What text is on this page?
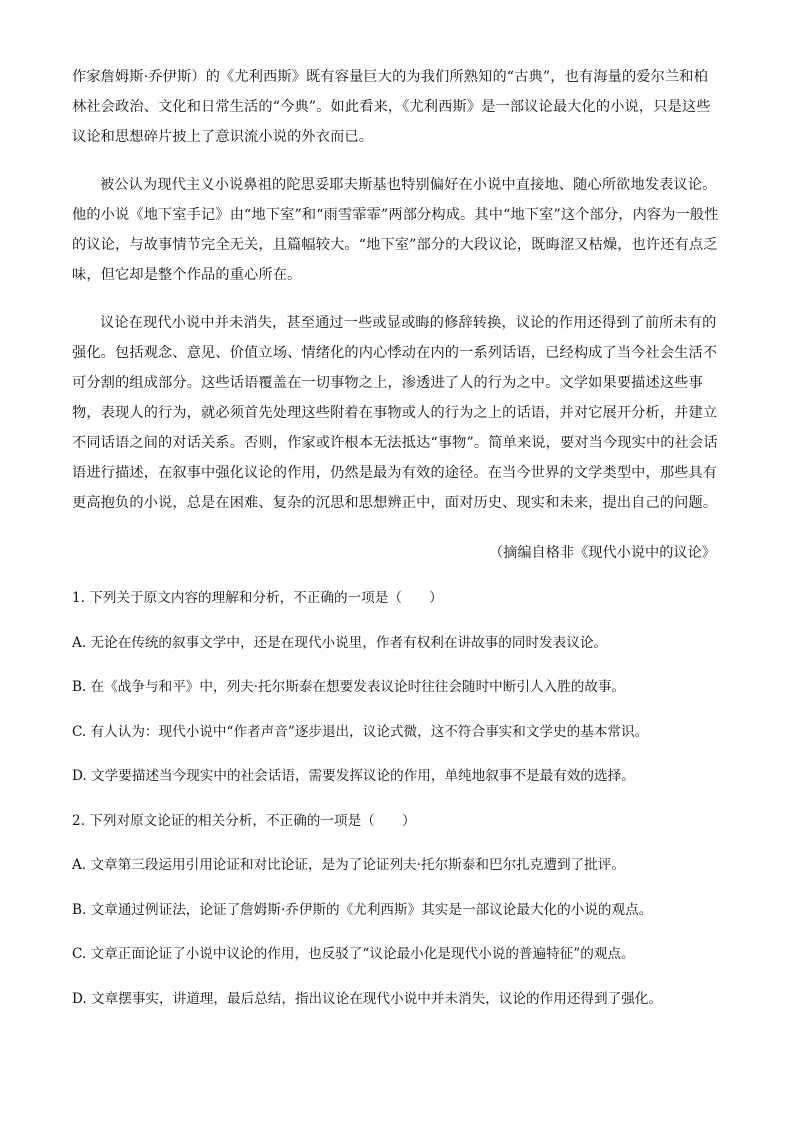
作家詹姆斯·乔伊斯）的《尤利西斯》既有容量巨大的为我们所熟知的“古典”，也有海量的爱尔兰和柏林社会政治、文化和日常生活的“今典”。如此看来，《尤利西斯》是一部议论最大化的小说，只是这些议论和思想碎片披上了意识流小说的外衣而已。

被公认为现代主义小说鼻祖的陀思妥耶夫斯基也特别偏好在小说中直接地、随心所欲地发表议论。他的小说《地下室手记》由“地下室”和“雨雪霏霏”两部分构成。其中“地下室”这个部分，内容为一般性的议论，与故事情节完全无关，且篇幅较大。“地下室”部分的大段议论，既晦涩又枯燥，也许还有点乏味，但它却是整个作品的重心所在。

议论在现代小说中并未消失，甚至通过一些或显或晦的修辞转换，议论的作用还得到了前所未有的强化。包括观念、意见、价值立场、情绪化的内心悸动在内的一系列话语，已经构成了当今社会生活不可分割的组成部分。这些话语覆盖在一切事物之上，渗透进了人的行为之中。文学如果要描述这些事物，表现人的行为，就必须首先处理这些附着在事物或人的行为之上的话语，并对它展开分析，并建立不同话语之间的对话关系。否则，作家或许根本无法抵达“事物”。简单来说，要对当今现实中的社会话语进行描述，在叙事中强化议论的作用，仍然是最为有效的途径。在当今世界的文学类型中，那些具有更高抱负的小说，总是在困难、复杂的沉思和思想辨正中，面对历史、现实和未来，提出自己的问题。

（摘编自格非《现代小说中的议论》

1. 下列关于原文内容的理解和分析，不正确的一项是（　　）

A. 无论在传统的叙事文学中，还是在现代小说里，作者有权利在讲故事的同时发表议论。

B. 在《战争与和平》中，列夫·托尔斯泰在想要发表议论时往往会随时中断引人入胜的故事。

C. 有人认为：现代小说中“作者声音”逐步退出，议论式微，这不符合事实和文学史的基本常识。

D. 文学要描述当今现实中的社会话语，需要发挥议论的作用，单纯地叙事不是最有效的选择。

2. 下列对原文论证的相关分析，不正确的一项是（　　）

A. 文章第三段运用引用论证和对比论证，是为了论证列夫·托尔斯泰和巴尔扎克遭到了批评。

B. 文章通过例证法，论证了詹姆斯·乔伊斯的《尤利西斯》其实是一部议论最大化的小说的观点。

C. 文章正面论证了小说中议论的作用，也反驳了“议论最小化是现代小说的普遍特征”的观点。

D. 文章摆事实，讲道理，最后总结，指出议论在现代小说中并未消失，议论的作用还得到了强化。
